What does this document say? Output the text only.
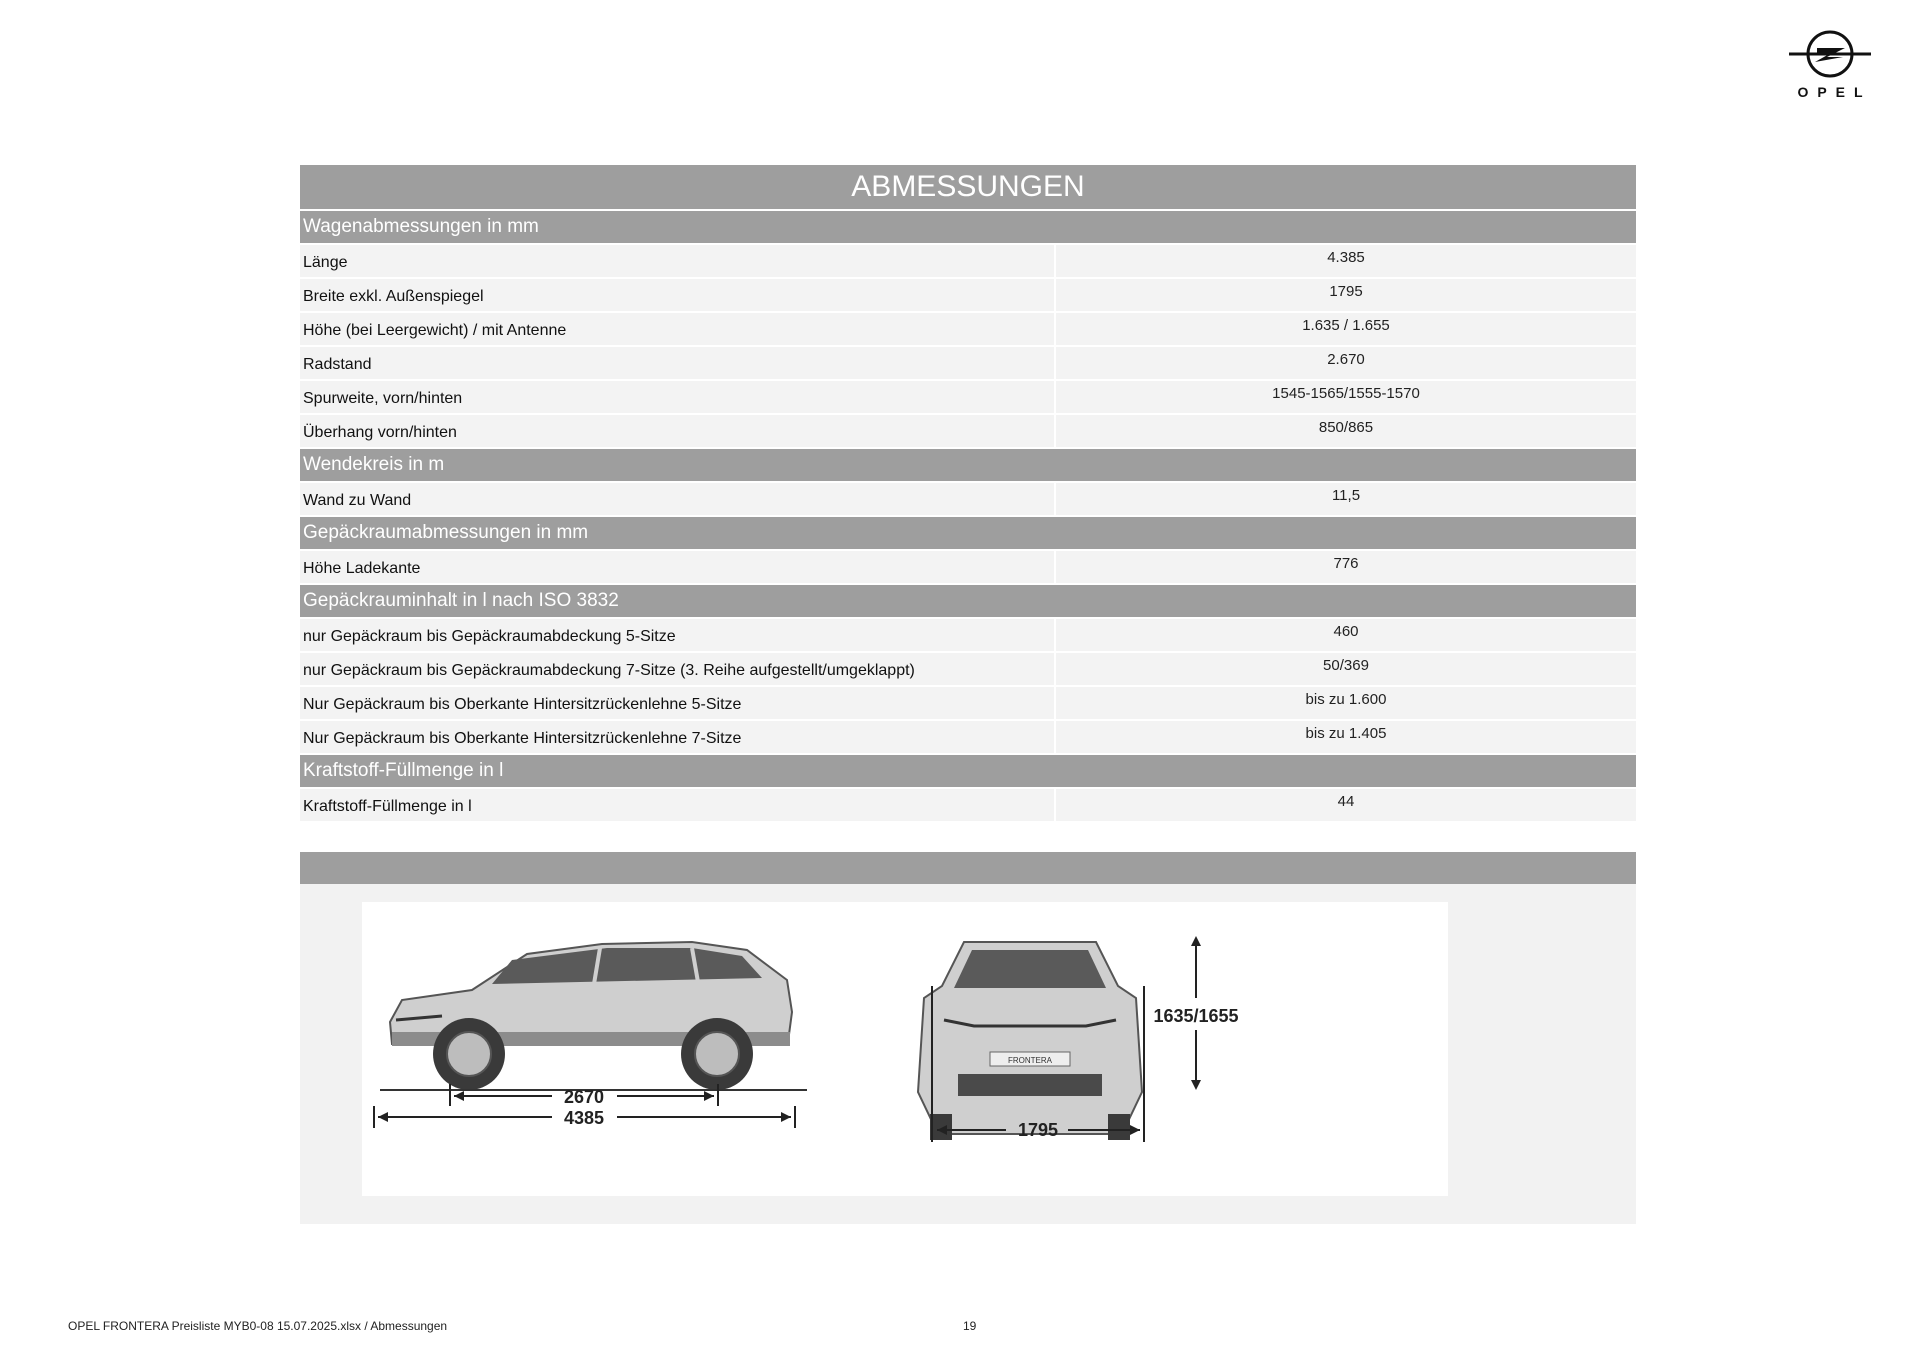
OPEL
ABMESSUNGEN
Wagenabmessungen in mm
Länge	4.385
Breite exkl. Außenspiegel	1795
Höhe (bei Leergewicht) / mit Antenne	1.635 / 1.655
Radstand	2.670
Spurweite, vorn/hinten	1545-1565/1555-1570
Überhang vorn/hinten	850/865
Wendekreis in m
Wand zu Wand	11,5
Gepäckraumabmessungen in mm
Höhe Ladekante	776
Gepäckrauminhalt in l nach ISO 3832
nur Gepäckraum bis Gepäckraumabdeckung 5-Sitze	460
nur Gepäckraum bis Gepäckraumabdeckung 7-Sitze (3. Reihe aufgestellt/umgeklappt)	50/369
Nur Gepäckraum bis Oberkante Hintersitzrückenlehne 5-Sitze	bis zu 1.600
Nur Gepäckraum bis Oberkante Hintersitzrückenlehne 7-Sitze	bis zu 1.405
Kraftstoff-Füllmenge in l
Kraftstoff-Füllmenge in l	44
2670
4385
FRONTERA
1795
1635/1655
OPEL FRONTERA Preisliste MYB0-08 15.07.2025.xlsx / Abmessungen	19
